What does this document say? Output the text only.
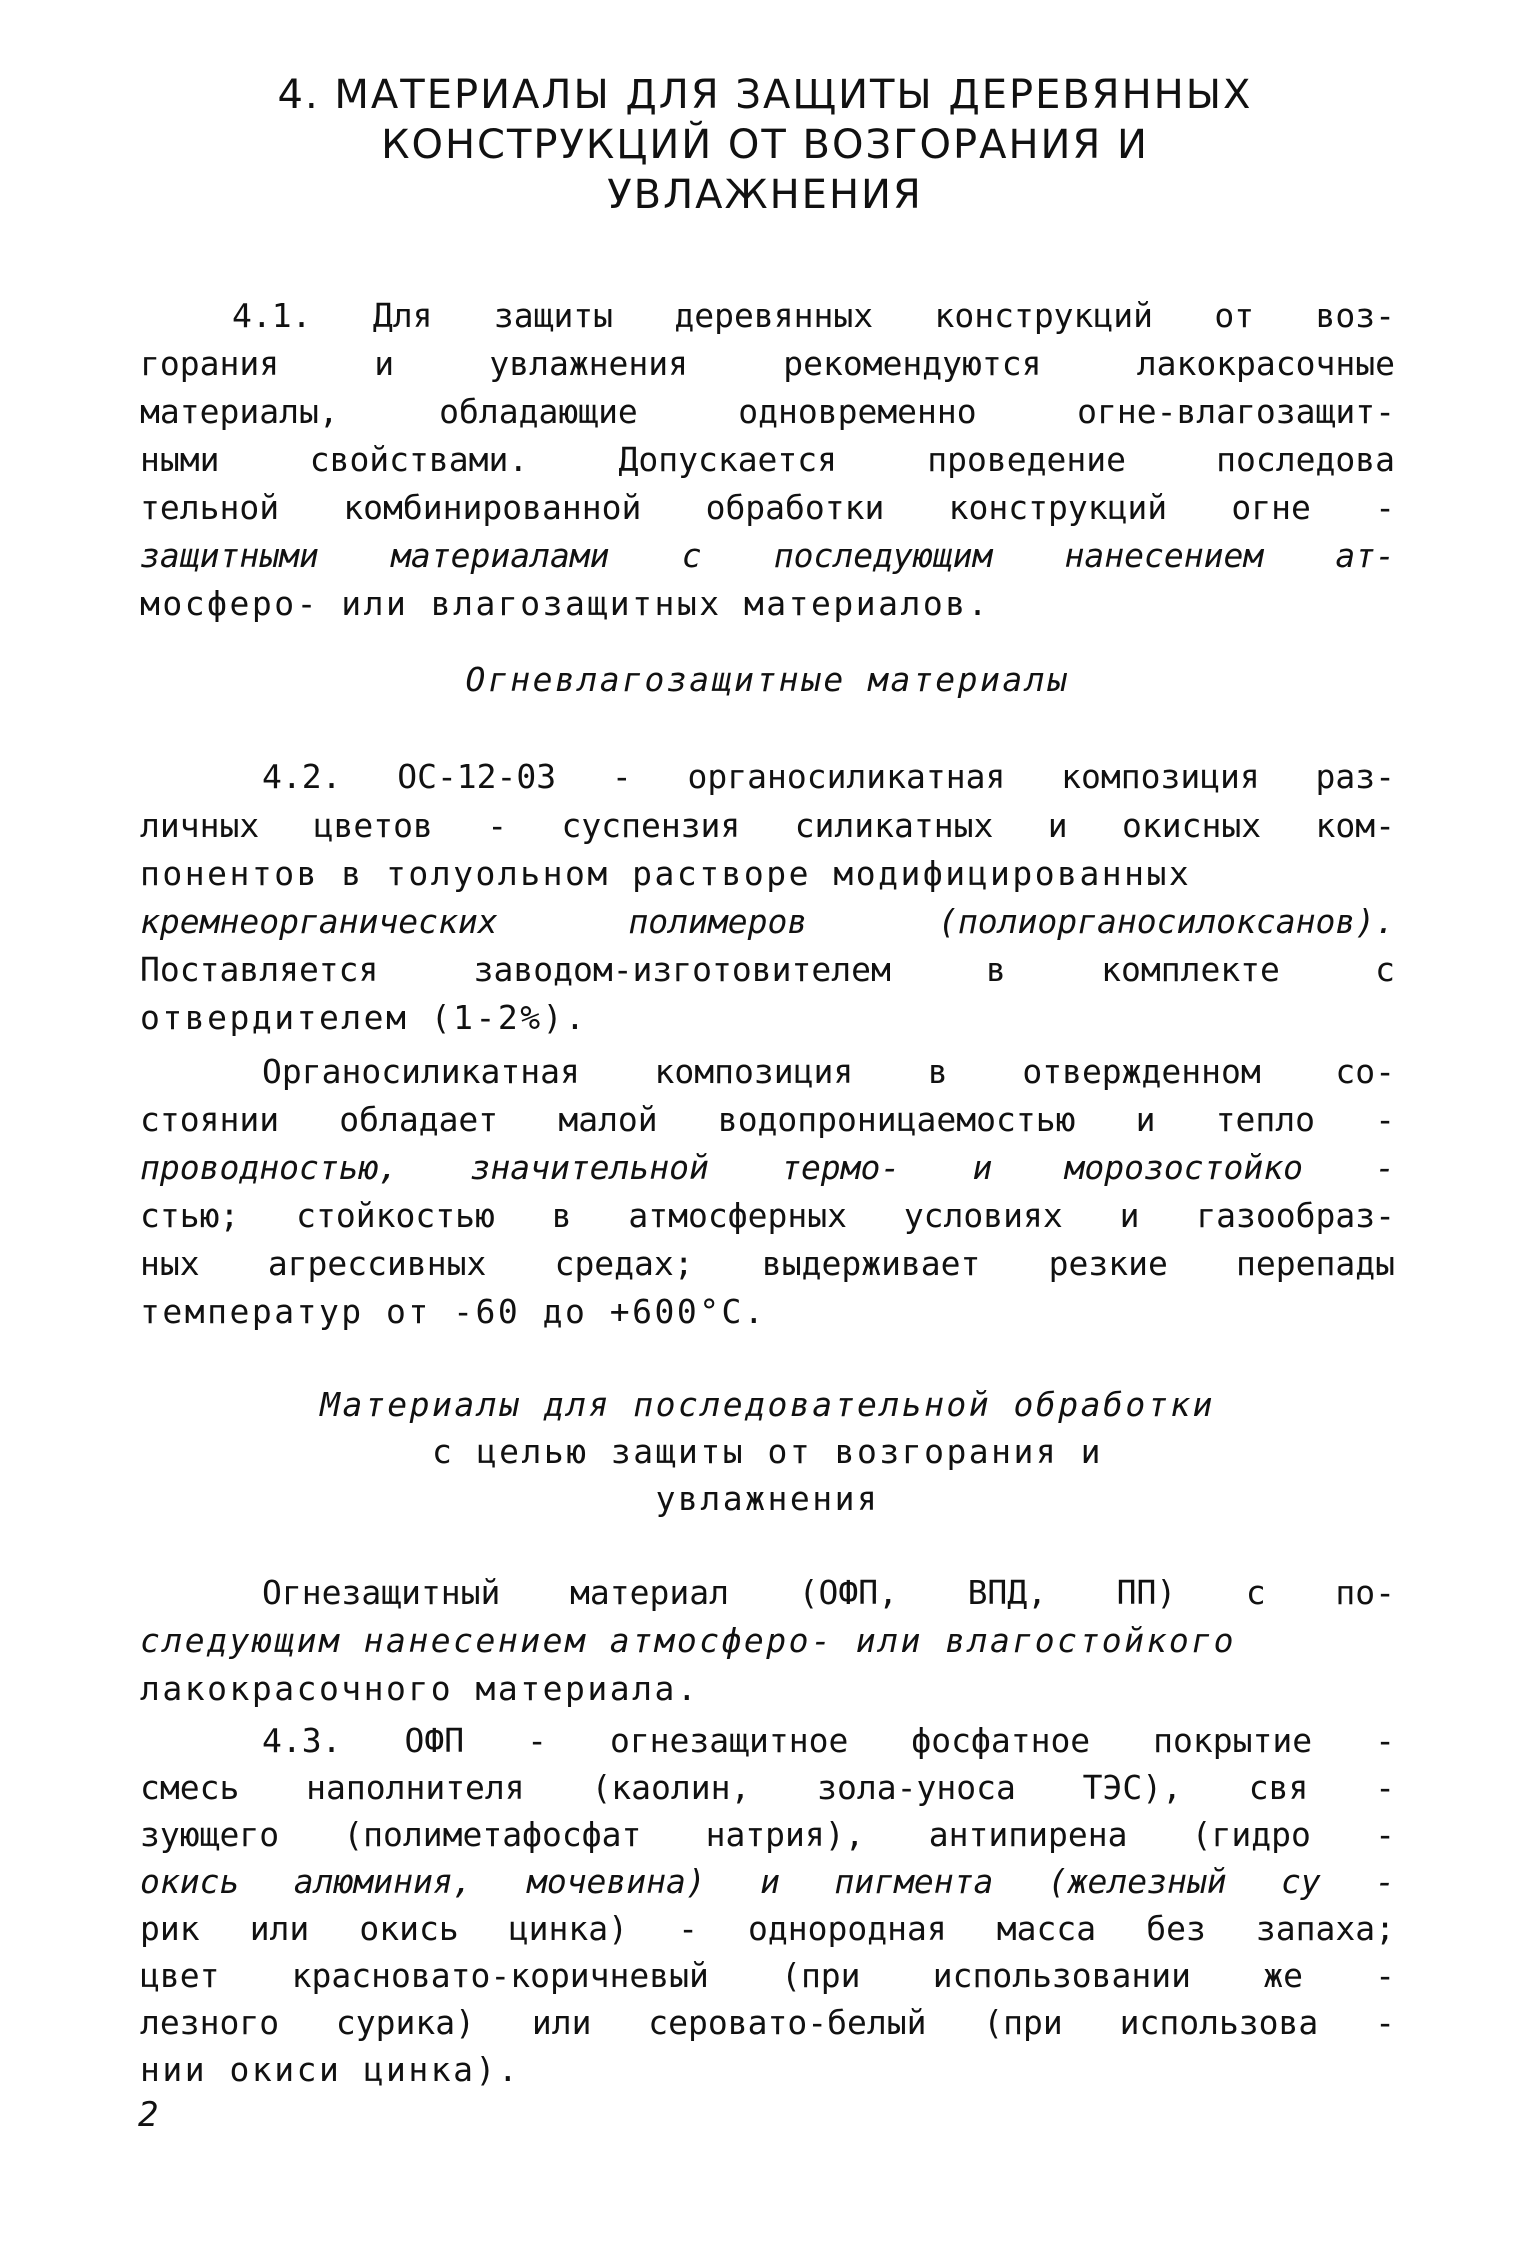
4. МАТЕРИАЛЫ ДЛЯ ЗАЩИТЫ ДЕРЕВЯННЫХ
КОНСТРУКЦИЙ ОТ ВОЗГОРАНИЯ И
УВЛАЖНЕНИЯ
4.1. Для защиты деревянных конструкций от воз-
горания и увлажнения рекомендуются лакокрасочные
материалы, обладающие одновременно огне-влагозащит-
ными свойствами. Допускается проведение последова
тельной комбинированной обработки конструкций огне -
защитными материалами с последующим нанесением ат-
мосферо- или влагозащитных материалов.
Огневлагозащитные материалы
4.2. ОС-12-03 - органосиликатная композиция раз-
личных цветов - суспензия силикатных и окисных ком-
понентов в толуольном растворе модифицированных
кремнеорганических полимеров (полиорганосилоксанов).
Поставляется заводом-изготовителем в комплекте с
отвердителем (1-2%).
Органосиликатная композиция в отвержденном со-
стоянии обладает малой водопроницаемостью и тепло -
проводностью, значительной термо- и морозостойко -
стью; стойкостью в атмосферных условиях и газообраз-
ных агрессивных средах; выдерживает резкие перепады
температур от -60 до +600°С.
Материалы для последовательной обработки
с целью защиты от возгорания и
увлажнения
Огнезащитный материал (ОФП, ВПД, ПП) с по-
следующим нанесением атмосферо- или влагостойкого
лакокрасочного материала.
4.3. ОФП - огнезащитное фосфатное покрытие -
смесь наполнителя (каолин, зола-уноса ТЭС), свя -
зующего (полиметафосфат натрия), антипирена (гидро -
окись алюминия, мочевина) и пигмента (железный су -
рик или окись цинка) - однородная масса без запаха;
цвет красновато-коричневый (при использовании же -
лезного сурика) или серовато-белый (при использова -
нии окиси цинка).
2
